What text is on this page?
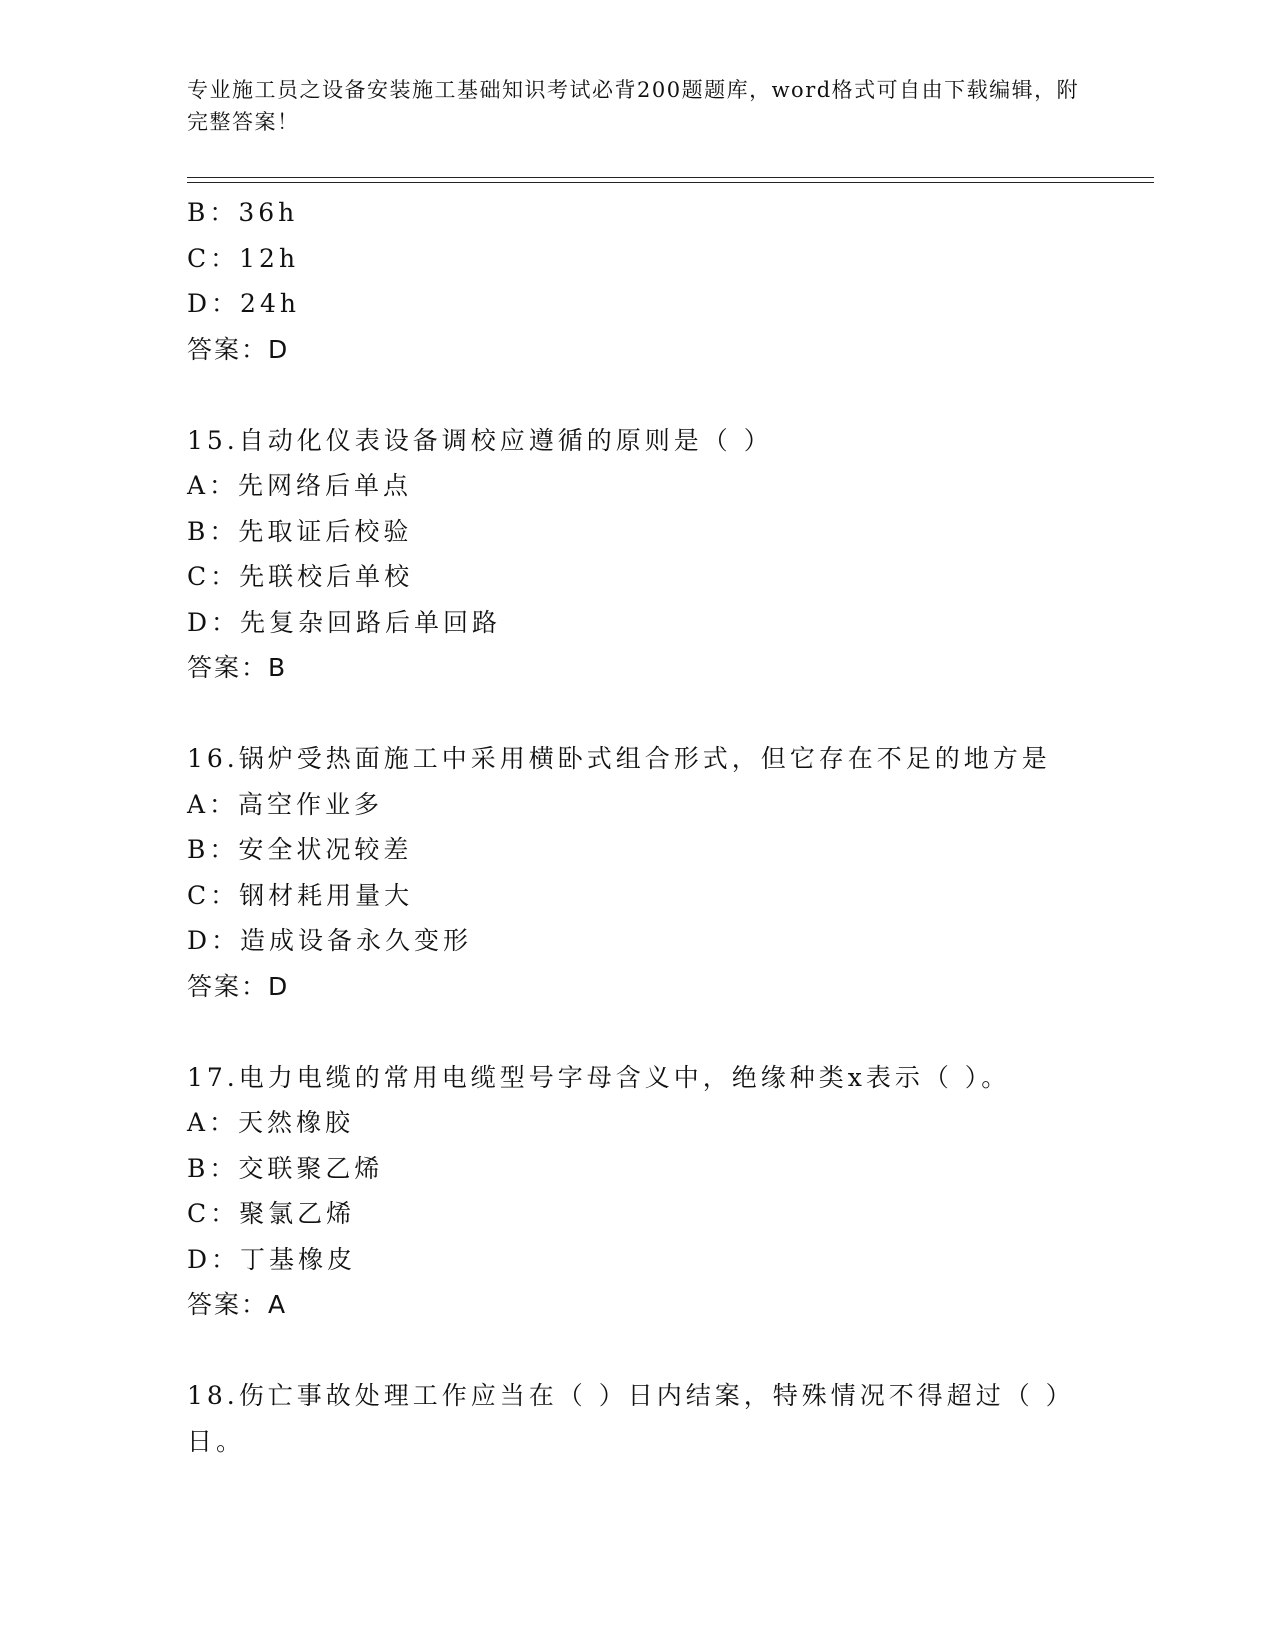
专业施工员之设备安装施工基础知识考试必背200题题库，word格式可自由下载编辑，附完整答案！
B：36h
C：12h
D：24h
答案：D
15.自动化仪表设备调校应遵循的原则是（ ）
A：先网络后单点
B：先取证后校验
C：先联校后单校
D：先复杂回路后单回路
答案：B
16.锅炉受热面施工中采用横卧式组合形式，但它存在不足的地方是
A：高空作业多
B：安全状况较差
C：钢材耗用量大
D：造成设备永久变形
答案：D
17.电力电缆的常用电缆型号字母含义中，绝缘种类x表示（ ）。
A：天然橡胶
B：交联聚乙烯
C：聚氯乙烯
D：丁基橡皮
答案：A
18.伤亡事故处理工作应当在（ ）日内结案，特殊情况不得超过（ ）日。
